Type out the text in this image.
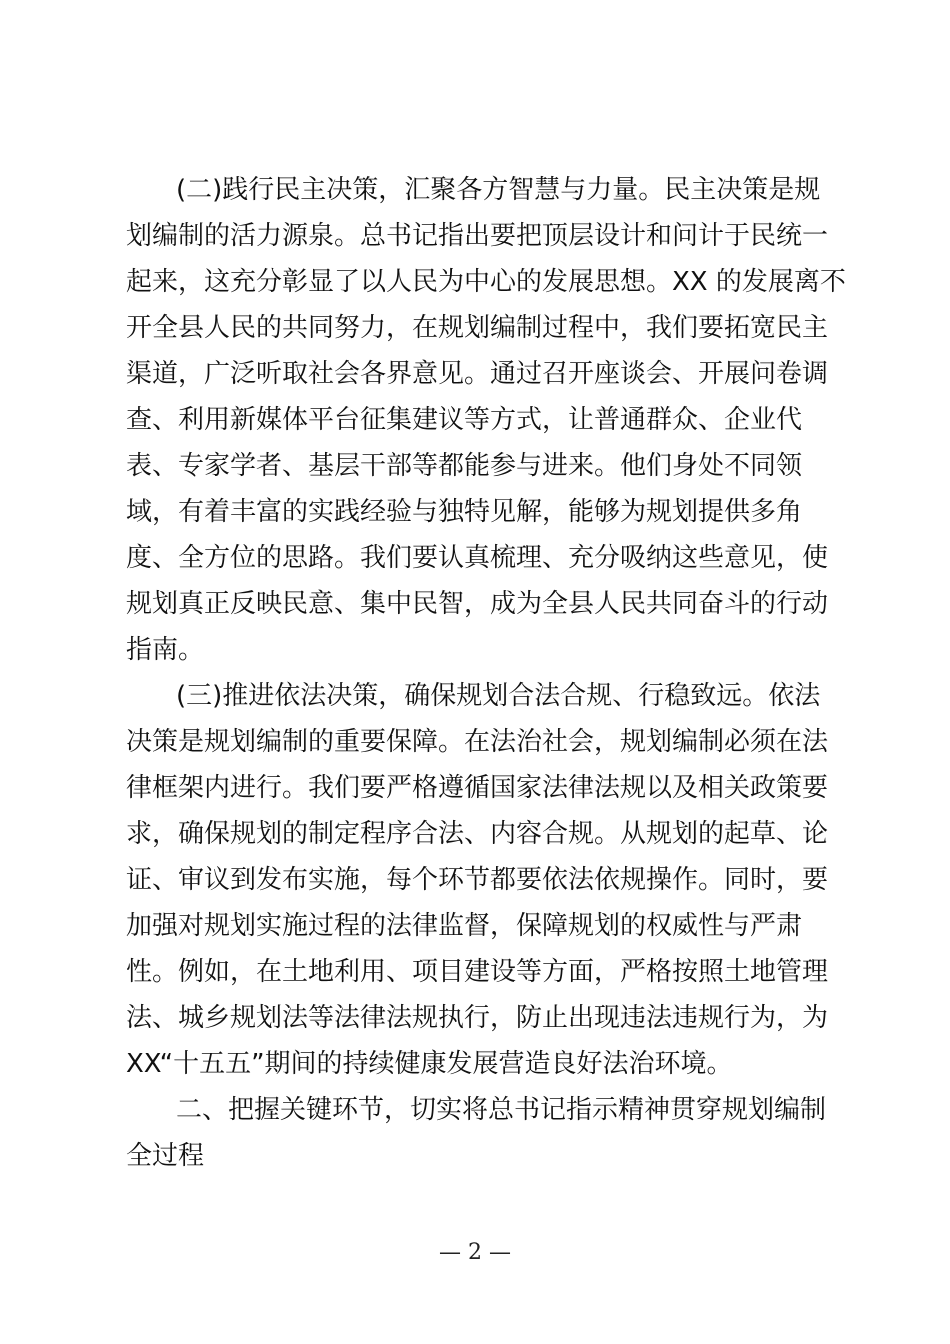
(二)践行民主决策，汇聚各方智慧与力量。民主决策是规
划编制的活力源泉。总书记指出要把顶层设计和问计于民统一
起来，这充分彰显了以人民为中心的发展思想。XX 的发展离不
开全县人民的共同努力，在规划编制过程中，我们要拓宽民主
渠道，广泛听取社会各界意见。通过召开座谈会、开展问卷调
查、利用新媒体平台征集建议等方式，让普通群众、企业代
表、专家学者、基层干部等都能参与进来。他们身处不同领
域，有着丰富的实践经验与独特见解，能够为规划提供多角
度、全方位的思路。我们要认真梳理、充分吸纳这些意见，使
规划真正反映民意、集中民智，成为全县人民共同奋斗的行动
指南。
(三)推进依法决策，确保规划合法合规、行稳致远。依法
决策是规划编制的重要保障。在法治社会，规划编制必须在法
律框架内进行。我们要严格遵循国家法律法规以及相关政策要
求，确保规划的制定程序合法、内容合规。从规划的起草、论
证、审议到发布实施，每个环节都要依法依规操作。同时，要
加强对规划实施过程的法律监督，保障规划的权威性与严肃
性。例如，在土地利用、项目建设等方面，严格按照土地管理
法、城乡规划法等法律法规执行，防止出现违法违规行为，为
XX“十五五”期间的持续健康发展营造良好法治环境。
二、把握关键环节，切实将总书记指示精神贯穿规划编制
全过程
— 2 —
